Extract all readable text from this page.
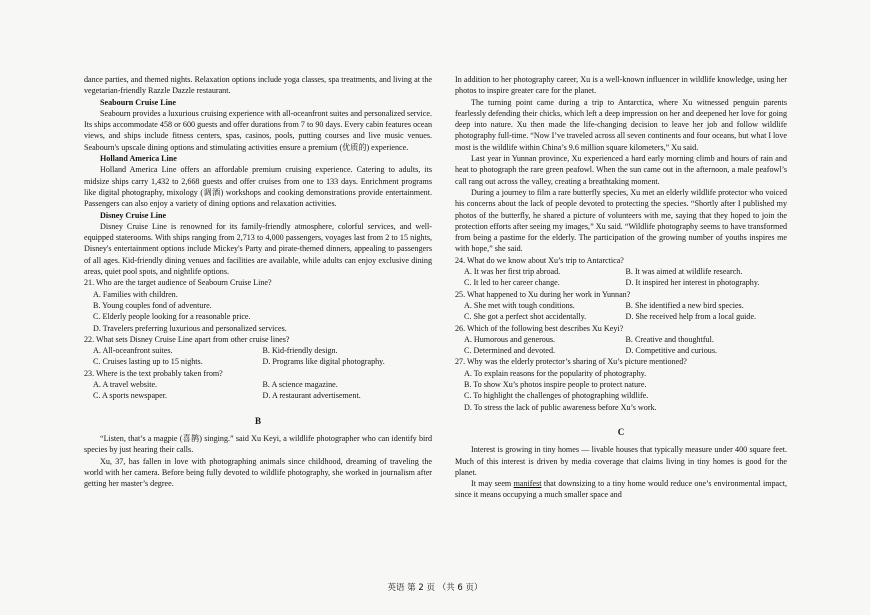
dance parties, and themed nights. Relaxation options include yoga classes, spa treatments, and living at the vegetarian-friendly Razzle Dazzle restaurant.

Seabourn Cruise Line

Seabourn provides a luxurious cruising experience with all-oceanfront suites and personalized service. Its ships accommodate 458 or 600 guests and offer durations from 7 to 90 days. Every cabin features ocean views, and ships include fitness centers, spas, casinos, pools, putting courses and live music venues. Seabourn's upscale dining options and stimulating activities ensure a premium (优质的) experience.

Holland America Line

Holland America Line offers an affordable premium cruising experience. Catering to adults, its midsize ships carry 1,432 to 2,668 guests and offer cruises from one to 133 days. Enrichment programs like digital photography, mixology (调酒) workshops and cooking demonstrations provide entertainment. Passengers can also enjoy a variety of dining options and relaxation activities.

Disney Cruise Line

Disney Cruise Line is renowned for its family-friendly atmosphere, colorful services, and well-equipped staterooms. With ships ranging from 2,713 to 4,000 passengers, voyages last from 2 to 15 nights, Disney's entertainment options include Mickey's Party and pirate-themed dinners, appealing to passengers of all ages. Kid-friendly dining venues and facilities are available, while adults can enjoy exclusive dining areas, quiet pool spots, and nightlife options.

21. Who are the target audience of Seabourn Cruise Line?

A. Families with children.
B. Young couples fond of adventure.
C. Elderly people looking for a reasonable price.
D. Travelers preferring luxurious and personalized services.

22. What sets Disney Cruise Line apart from other cruise lines?

A. All-oceanfront suites.	B. Kid-friendly design.
C. Cruises lasting up to 15 nights.	D. Programs like digital photography.

23. Where is the text probably taken from?

A. A travel website.	B. A science magazine.
C. A sports newspaper.	D. A restaurant advertisement.
B

“Listen, that’s a magpie (喜鹊) singing.” said Xu Keyi, a wildlife photographer who can identify bird species by just hearing their calls.

Xu, 37, has fallen in love with photographing animals since childhood, dreaming of traveling the world with her camera. Before being fully devoted to wildlife photography, she worked in journalism after getting her master’s degree.

In addition to her photography career, Xu is a well-known influencer in wildlife knowledge, using her photos to inspire greater care for the planet.

The turning point came during a trip to Antarctica, where Xu witnessed penguin parents fearlessly defending their chicks, which left a deep impression on her and deepened her love for going deep into nature. Xu then made the life-changing decision to leave her job and follow wildlife photography full-time. “Now I’ve traveled across all seven continents and four oceans, but what I love most is the wildlife within China’s 9.6 million square kilometers,” Xu said.

Last year in Yunnan province, Xu experienced a hard early morning climb and hours of rain and heat to photograph the rare green peafowl. When the sun came out in the afternoon, a male peafowl’s call rang out across the valley, creating a breathtaking moment.

During a journey to film a rare butterfly species, Xu met an elderly wildlife protector who voiced his concerns about the lack of people devoted to protecting the species. “Shortly after I published my photos of the butterfly, he shared a picture of volunteers with me, saying that they hoped to join the protection efforts after seeing my images,” Xu said. “Wildlife photography seems to have transformed from being a pastime for the elderly. The participation of the growing number of youths inspires me with hope,” she said.

24. What do we know about Xu’s trip to Antarctica?

A. It was her first trip abroad.	B. It was aimed at wildlife research.
C. It led to her career change.	D. It inspired her interest in photography.

25. What happened to Xu during her work in Yunnan?

A. She met with tough conditions.	B. She identified a new bird species.
C. She got a perfect shot accidentally.	D. She received help from a local guide.

26. Which of the following best describes Xu Keyi?

A. Humorous and generous.	B. Creative and thoughtful.
C. Determined and devoted.	D. Competitive and curious.

27. Why was the elderly protector’s sharing of Xu’s picture mentioned?

A. To explain reasons for the popularity of photography.
B. To show Xu’s photos inspire people to protect nature.
C. To highlight the challenges of photographing wildlife.
D. To stress the lack of public awareness before Xu’s work.
C

Interest is growing in tiny homes — livable houses that typically measure under 400 square feet. Much of this interest is driven by media coverage that claims living in tiny homes is good for the planet.

It may seem manifest that downsizing to a tiny home would reduce one’s environmental impact, since it means occupying a much smaller space and

英语 第 2 页 （共 6 页）
